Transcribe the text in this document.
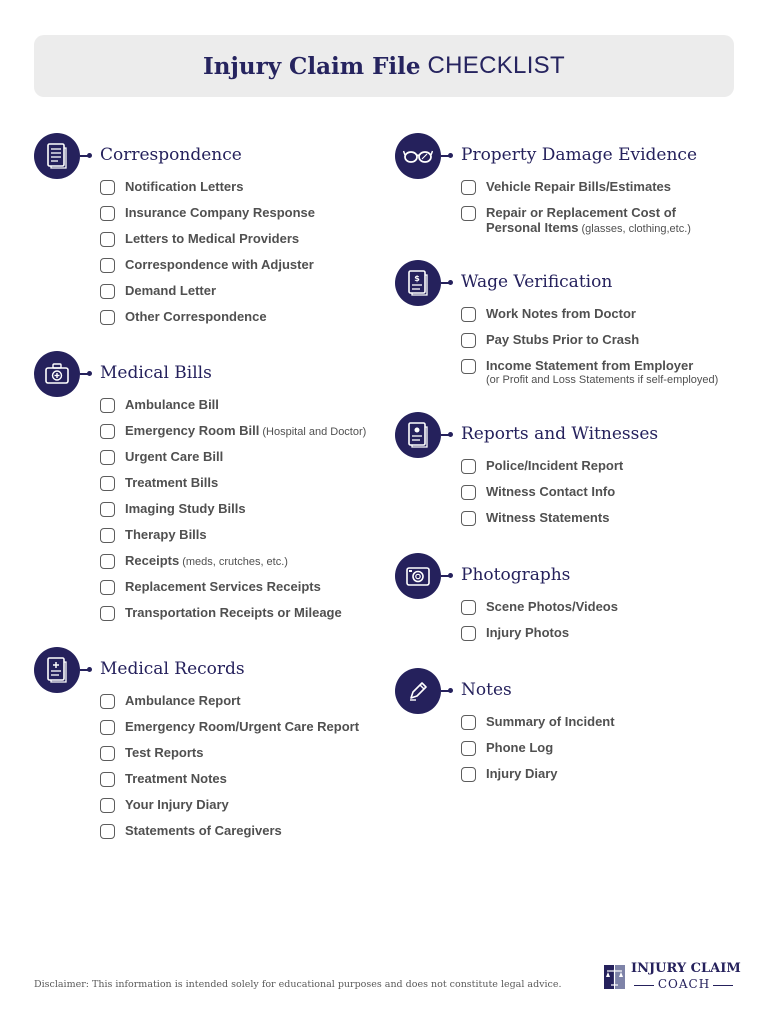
Injury Claim File CHECKLIST
Correspondence
Notification Letters
Insurance Company Response
Letters to Medical Providers
Correspondence with Adjuster
Demand Letter
Other Correspondence
Medical Bills
Ambulance Bill
Emergency Room Bill (Hospital and Doctor)
Urgent Care Bill
Treatment Bills
Imaging Study Bills
Therapy Bills
Receipts (meds, crutches, etc.)
Replacement Services Receipts
Transportation Receipts or Mileage
Medical Records
Ambulance Report
Emergency Room/Urgent Care Report
Test Reports
Treatment Notes
Your Injury Diary
Statements of Caregivers
Property Damage Evidence
Vehicle Repair Bills/Estimates
Repair or Replacement Cost of
Personal Items (glasses, clothing,etc.)
$ Wage Verification
Work Notes from Doctor
Pay Stubs Prior to Crash
Income Statement from Employer
(or Profit and Loss Statements if self-employed)
Reports and Witnesses
Police/Incident Report
Witness Contact Info
Witness Statements
Photographs
Scene Photos/Videos
Injury Photos
Notes
Summary of Incident
Phone Log
Injury Diary
Disclaimer: This information is intended solely for educational purposes and does not constitute legal advice.
INJURY CLAIM
COACH
